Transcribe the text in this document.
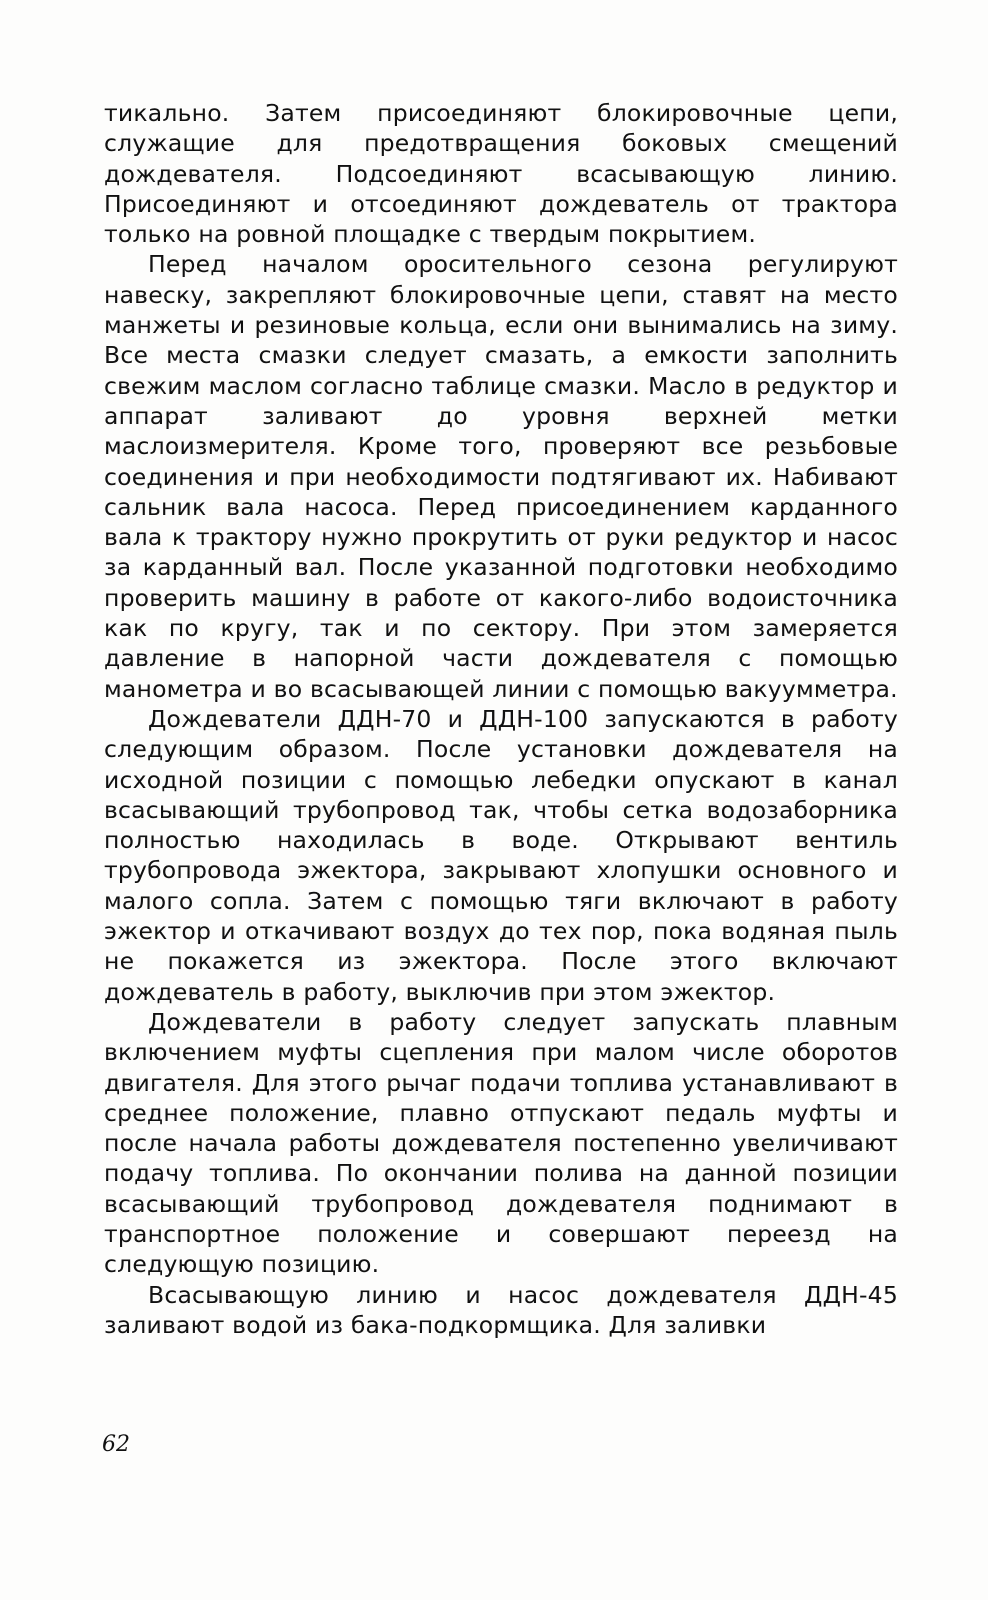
тикально. Затем присоединяют блокировочные цепи, служащие для предотвращения боковых смещений дождевателя. Подсоединяют всасывающую линию. Присоединяют и отсоединяют дождеватель от трактора только на ровной площадке с твердым покрытием.

Перед началом оросительного сезона регулируют навеску, закрепляют блокировочные цепи, ставят на место манжеты и резиновые кольца, если они вынимались на зиму. Все места смазки следует смазать, а емкости заполнить свежим маслом согласно таблице смазки. Масло в редуктор и аппарат заливают до уровня верхней метки маслоизмерителя. Кроме того, проверяют все резьбовые соединения и при необходимости подтягивают их. Набивают сальник вала насоса. Перед присоединением карданного вала к трактору нужно прокрутить от руки редуктор и насос за карданный вал. После указанной подготовки необходимо проверить машину в работе от какого-либо водоисточника как по кругу, так и по сектору. При этом замеряется давление в напорной части дождевателя с помощью манометра и во всасывающей линии с помощью вакуумметра.

Дождеватели ДДН-70 и ДДН-100 запускаются в работу следующим образом. После установки дождевателя на исходной позиции с помощью лебедки опускают в канал всасывающий трубопровод так, чтобы сетка водозаборника полностью находилась в воде. Открывают вентиль трубопровода эжектора, закрывают хлопушки основного и малого сопла. Затем с помощью тяги включают в работу эжектор и откачивают воздух до тех пор, пока водяная пыль не покажется из эжектора. После этого включают дождеватель в работу, выключив при этом эжектор.

Дождеватели в работу следует запускать плавным включением муфты сцепления при малом числе оборотов двигателя. Для этого рычаг подачи топлива устанавливают в среднее положение, плавно отпускают педаль муфты и после начала работы дождевателя постепенно увеличивают подачу топлива. По окончании полива на данной позиции всасывающий трубопровод дождевателя поднимают в транспортное положение и совершают переезд на следующую позицию.

Всасывающую линию и насос дождевателя ДДН-45 заливают водой из бака-подкормщика. Для заливки

62
